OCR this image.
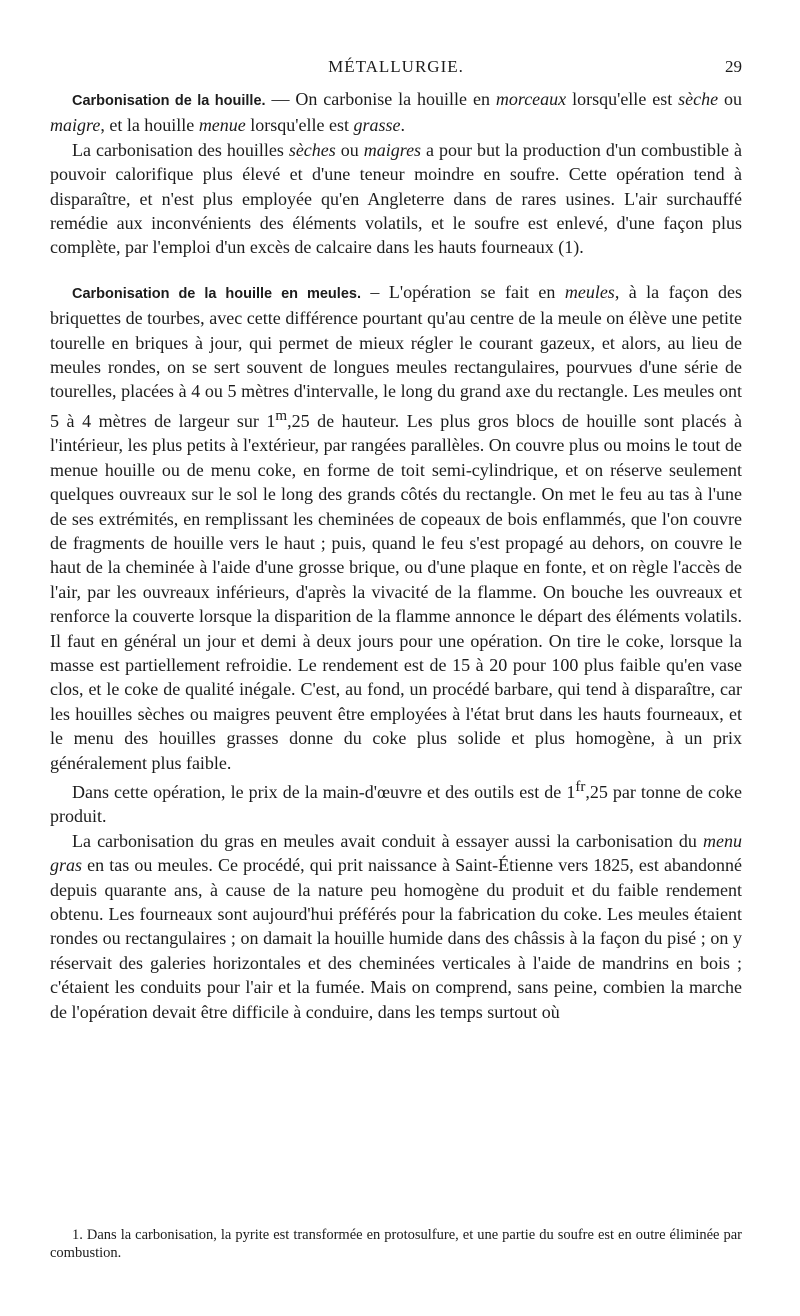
MÉTALLURGIE.	29

Carbonisation de la houille. — On carbonise la houille en morceaux lorsqu'elle est sèche ou maigre, et la houille menue lorsqu'elle est grasse.

La carbonisation des houilles sèches ou maigres a pour but la production d'un combustible à pouvoir calorifique plus élevé et d'une teneur moindre en soufre. Cette opération tend à disparaître, et n'est plus employée qu'en Angleterre dans de rares usines. L'air surchauffé remédie aux inconvénients des éléments volatils, et le soufre est enlevé, d'une façon plus complète, par l'emploi d'un excès de calcaire dans les hauts fourneaux (1).

Carbonisation de la houille en meules. – L'opération se fait en meules, à la façon des briquettes de tourbes, avec cette différence pourtant qu'au centre de la meule on élève une petite tourelle en briques à jour, qui permet de mieux régler le courant gazeux, et alors, au lieu de meules rondes, on se sert souvent de longues meules rectangulaires, pourvues d'une série de tourelles, placées à 4 ou 5 mètres d'intervalle, le long du grand axe du rectangle. Les meules ont 5 à 4 mètres de largeur sur 1$^m$,25 de hauteur. Les plus gros blocs de houille sont placés à l'intérieur, les plus petits à l'extérieur, par rangées parallèles. On couvre plus ou moins le tout de menue houille ou de menu coke, en forme de toit semi-cylindrique, et on réserve seulement quelques ouvreaux sur le sol le long des grands côtés du rectangle. On met le feu au tas à l'une de ses extrémités, en remplissant les cheminées de copeaux de bois enflammés, que l'on couvre de fragments de houille vers le haut ; puis, quand le feu s'est propagé au dehors, on couvre le haut de la cheminée à l'aide d'une grosse brique, ou d'une plaque en fonte, et on règle l'accès de l'air, par les ouvreaux inférieurs, d'après la vivacité de la flamme. On bouche les ouvreaux et renforce la couverte lorsque la disparition de la flamme annonce le départ des éléments volatils. Il faut en général un jour et demi à deux jours pour une opération. On tire le coke, lorsque la masse est partiellement refroidie. Le rendement est de 15 à 20 pour 100 plus faible qu'en vase clos, et le coke de qualité inégale. C'est, au fond, un procédé barbare, qui tend à disparaître, car les houilles sèches ou maigres peuvent être employées à l'état brut dans les hauts fourneaux, et le menu des houilles grasses donne du coke plus solide et plus homogène, à un prix généralement plus faible.

Dans cette opération, le prix de la main-d'œuvre et des outils est de $1^{fr},25$ par tonne de coke produit.

La carbonisation du gras en meules avait conduit à essayer aussi la carbonisation du menu gras en tas ou meules. Ce procédé, qui prit naissance à Saint-Étienne vers 1825, est abandonné depuis quarante ans, à cause de la nature peu homogène du produit et du faible rendement obtenu. Les fourneaux sont aujourd'hui préférés pour la fabrication du coke. Les meules étaient rondes ou rectangulaires ; on damait la houille humide dans des châssis à la façon du pisé ; on y réservait des galeries horizontales et des cheminées verticales à l'aide de mandrins en bois ; c'étaient les conduits pour l'air et la fumée. Mais on comprend, sans peine, combien la marche de l'opération devait être difficile à conduire, dans les temps surtout où

1. Dans la carbonisation, la pyrite est transformée en protosulfure, et une partie du soufre est en outre éliminée par combustion.
